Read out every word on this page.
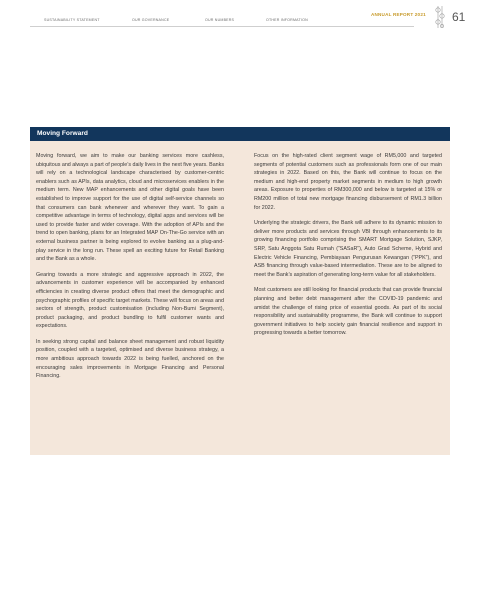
SUSTAINABILITY STATEMENT	OUR GOVERNANCE	OUR NUMBERS	OTHER INFORMATION
ANNUAL REPORT 2021 61
Moving Forward

Moving forward, we aim to make our banking services more cashless, ubiquitous and always a part of people’s daily lives in the next five years. Banks will rely on a technological landscape characterised by customer-centric enablers such as APIs, data analytics, cloud and microservices enablers in the medium term. New MAP enhancements and other digital goals have been established to improve support for the use of digital self-service channels so that consumers can bank whenever and wherever they want. To gain a competitive advantage in terms of technology, digital apps and services will be used to provide faster and wider coverage. With the adoption of APIs and the trend to open banking, plans for an Integrated MAP On-The-Go service with an external business partner is being explored to evolve banking as a plug-and-play service in the long run. These spell an exciting future for Retail Banking and the Bank as a whole.

Gearing towards a more strategic and aggressive approach in 2022, the advancements in customer experience will be accompanied by enhanced efficiencies in creating diverse product offers that meet the demographic and psychographic profiles of specific target markets. These will focus on areas and sectors of strength, product customisation (including Non-Bumi Segment), product packaging, and product bundling to fulfil customer wants and expectations.

In seeking strong capital and balance sheet management and robust liquidity position, coupled with a targeted, optimised and diverse business strategy, a more ambitious approach towards 2022 is being fuelled, anchored on the encouraging sales improvements in Mortgage Financing and Personal Financing.

Focus on the high-rated client segment wage of RM5,000 and targeted segments of potential customers such as professionals form one of our main strategies in 2022. Based on this, the Bank will continue to focus on the medium and high-end property market segments in medium to high growth areas. Exposure to properties of RM300,000 and below is targeted at 15% or RM200 million of total new mortgage financing disbursement of RM1.3 billion for 2022.

Underlying the strategic drivers, the Bank will adhere to its dynamic mission to deliver more products and services through VBI through enhancements to its growing financing portfolio comprising the SMART Mortgage Solution, SJKP, SRP, Satu Anggota Satu Rumah (“SASaR”), Auto Grad Scheme, Hybrid and Electric Vehicle Financing, Pembiayaan Pengurusan Kewangan (“PPK”), and ASB financing through value-based intermediation. These are to be aligned to meet the Bank’s aspiration of generating long-term value for all stakeholders.

Most customers are still looking for financial products that can provide financial planning and better debt management after the COVID-19 pandemic and amidst the challenge of rising price of essential goods. As part of its social responsibility and sustainability programme, the Bank will continue to support government initiatives to help society gain financial resilience and support in progressing towards a better tomorrow.
